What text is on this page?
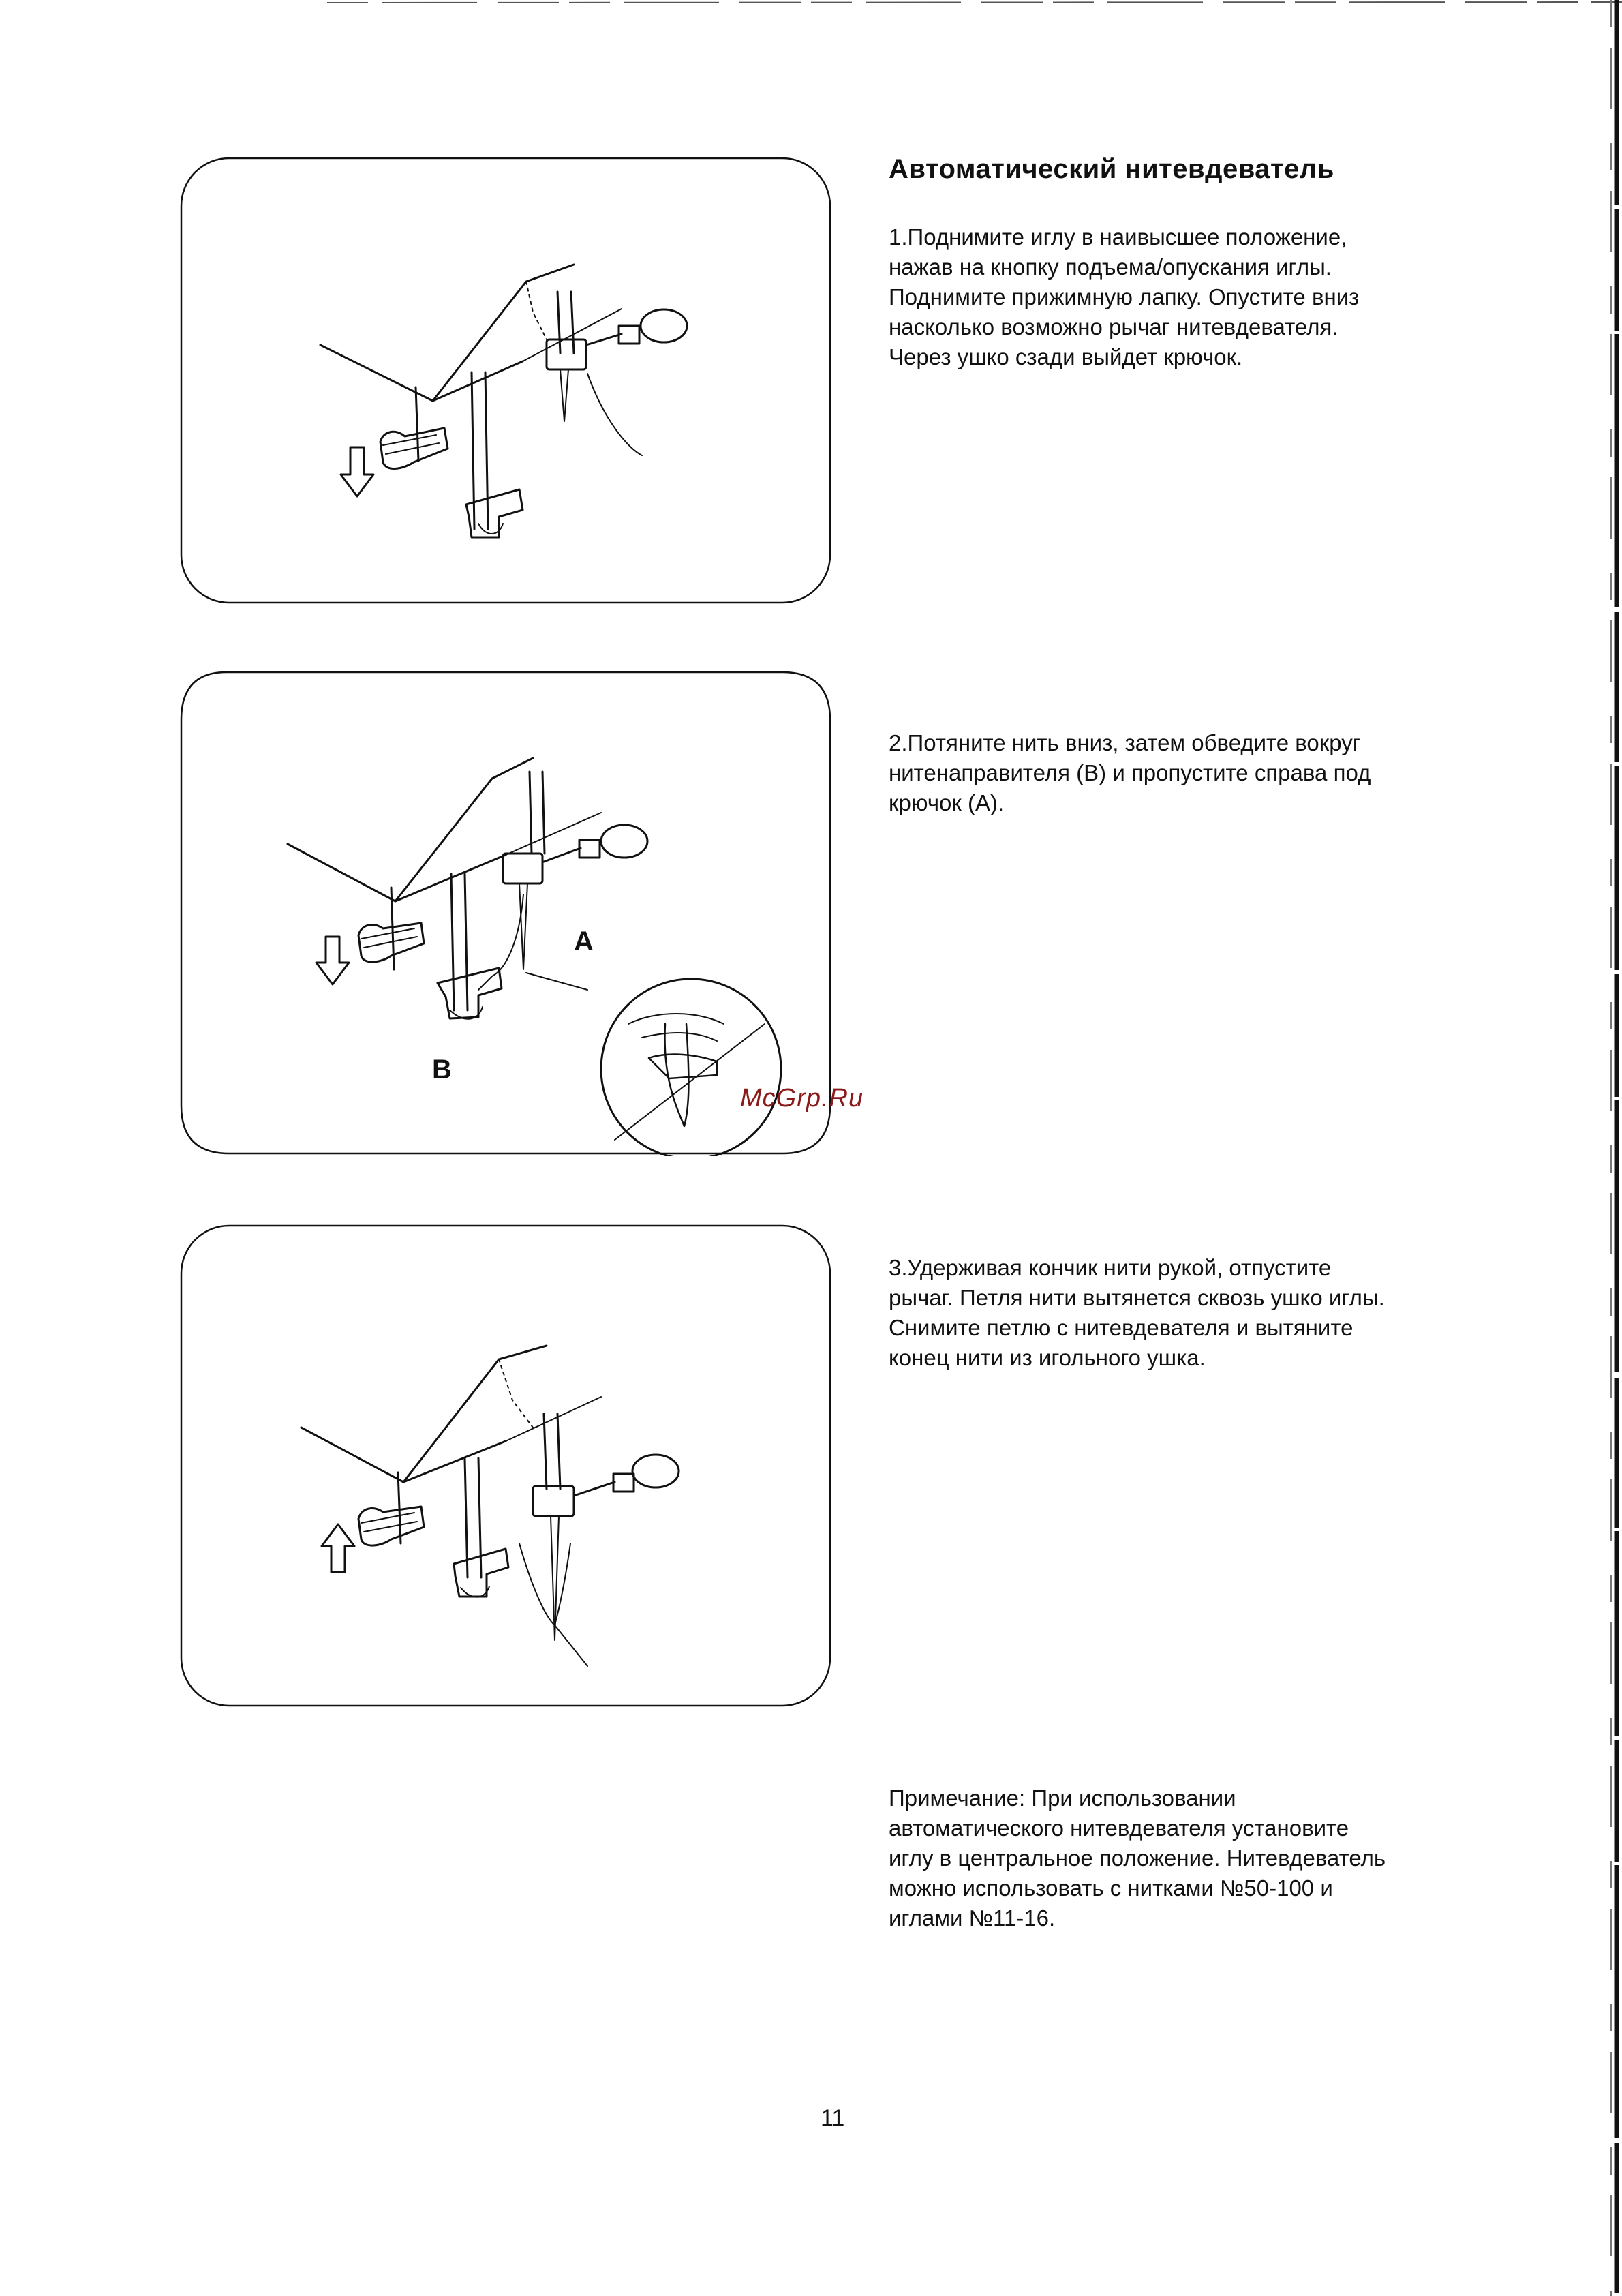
A
B
Автоматический нитевдеватель

1.Поднимите иглу в наивысшее положение,
нажав на кнопку подъема/опускания иглы.
Поднимите прижимную лапку. Опустите вниз
насколько возможно рычаг нитевдевателя.
Через ушко сзади выйдет крючок.

2.Потяните нить вниз, затем обведите вокруг
нитенаправителя (B) и пропустите справа под
крючок (A).

3.Удерживая кончик нити рукой, отпустите
рычаг. Петля нити вытянется сквозь ушко иглы.
Снимите петлю с нитевдевателя и вытяните
конец нити из игольного ушка.

Примечание: При использовании
автоматического нитевдевателя установите
иглу в центральное положение. Нитевдеватель
можно использовать с нитками №50-100 и
иглами №11-16.

11

McGrp.Ru
